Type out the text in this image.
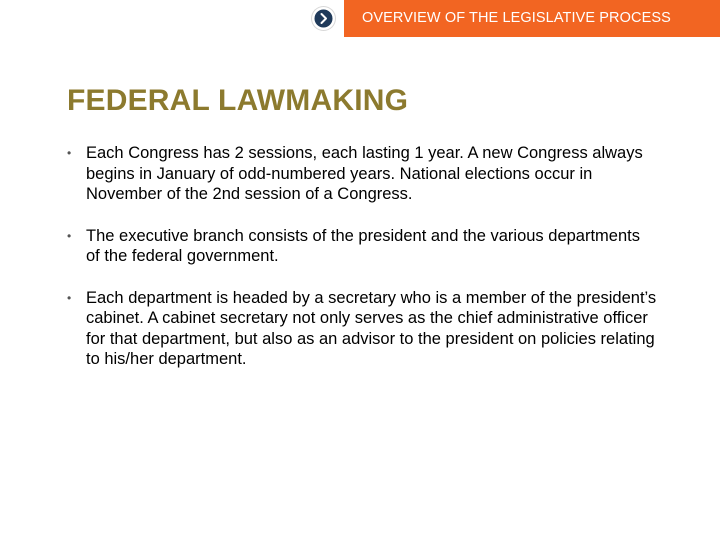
OVERVIEW OF THE LEGISLATIVE PROCESS
FEDERAL LAWMAKING
• Each Congress has 2 sessions, each lasting 1 year. A new Congress always begins in January of odd-numbered years. National elections occur in November of the 2nd session of a Congress.
• The executive branch consists of the president and the various departments of the federal government.
• Each department is headed by a secretary who is a member of the president’s cabinet. A cabinet secretary not only serves as the chief administrative officer for that department, but also as an advisor to the president on policies relating to his/her department.
